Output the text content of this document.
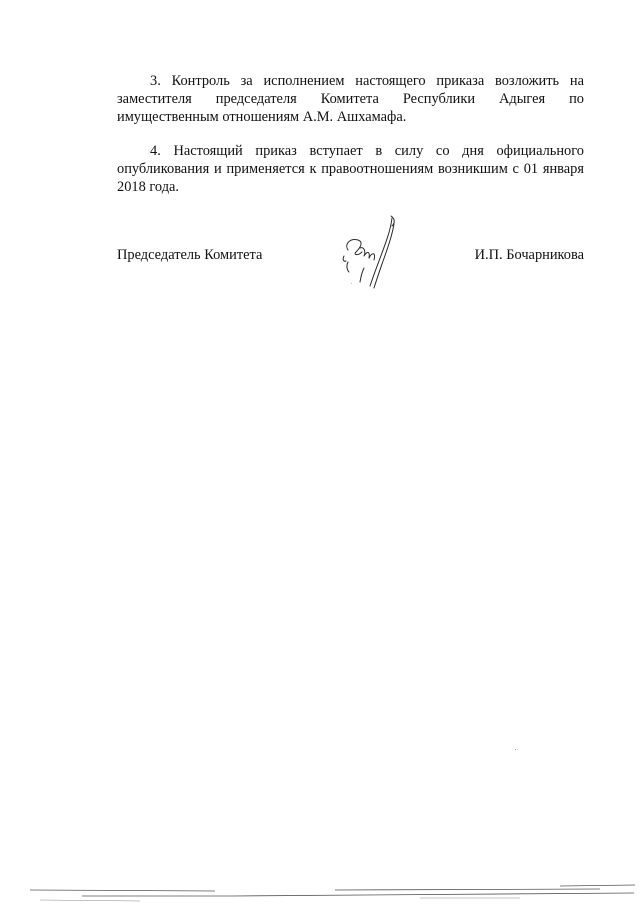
3. Контроль за исполнением настоящего приказа возложить на заместителя председателя Комитета Республики Адыгея по имущественным отношениям А.М. Ашхамафа.

4. Настоящий приказ вступает в силу со дня официального опубликования и применяется к правоотношениям возникшим с 01 января 2018 года.

Председатель Комитета	И.П. Бочарникова
